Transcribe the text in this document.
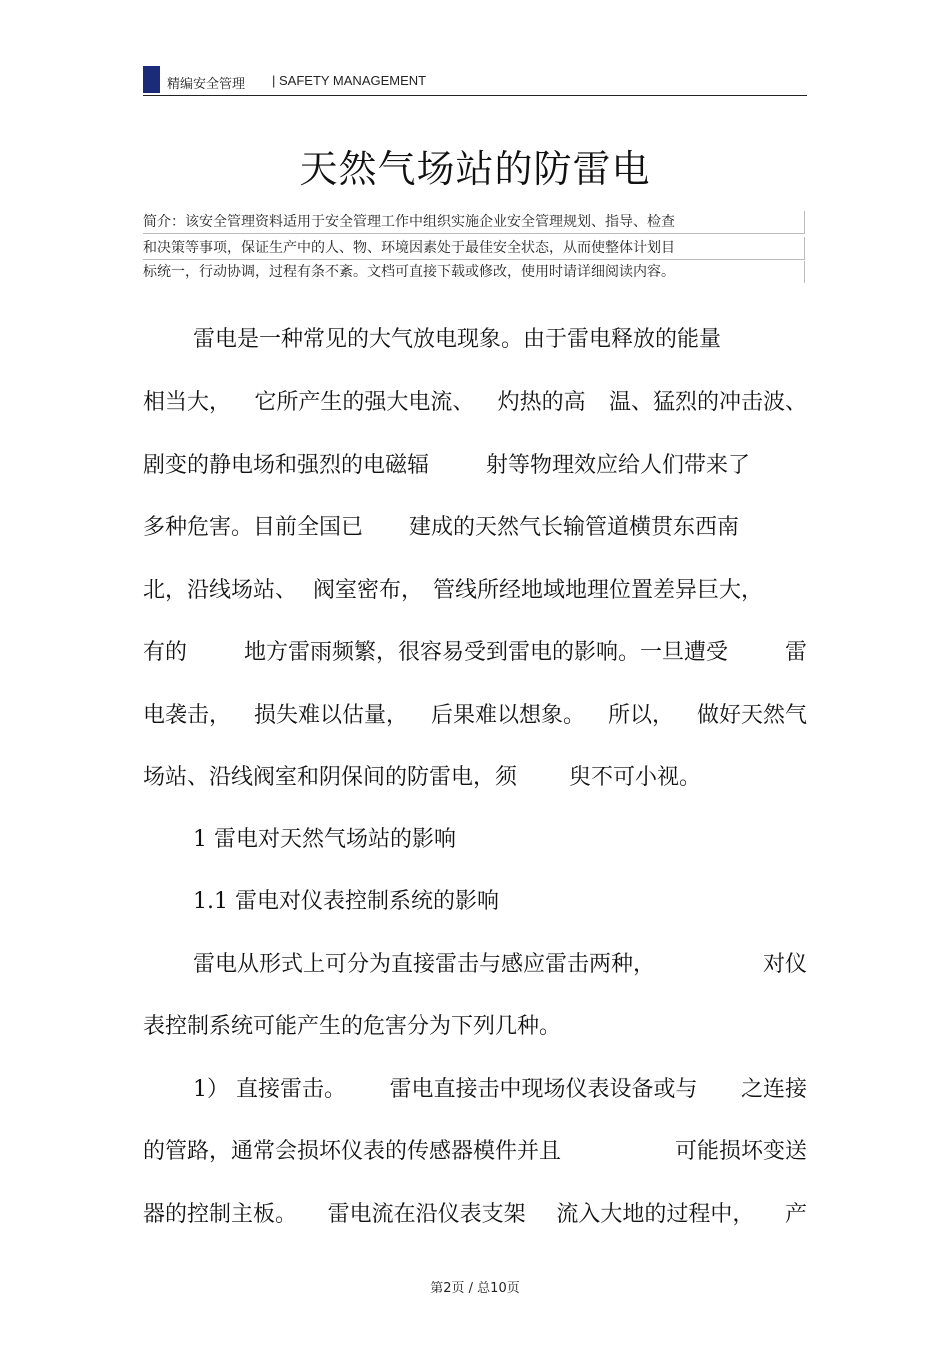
精编安全管理 | SAFETY MANAGEMENT
天然气场站的防雷电
简介：该安全管理资料适用于安全管理工作中组织实施企业安全管理规划、指导、检查
和决策等事项，保证生产中的人、物、环境因素处于最佳安全状态，从而使整体计划目
标统一，行动协调，过程有条不紊。文档可直接下载或修改，使用时请详细阅读内容。
雷电是一种常见的大气放电现象。由于雷电释放的能量
相当大， 它所产生的强大电流、 灼热的高 温、猛烈的冲击波、
剧变的静电场和强烈的电磁辐	射等物理效应给人们带来了
多种危害。目前全国已 建成的天然气长输管道横贯东西南
北，沿线场站、 阀室密布， 管线所经地域地理位置差异巨大，
有的	地方雷雨频繁，很容易受到雷电的影响。一旦遭受	雷
电袭击， 损失难以估量， 后果难以想象。 所以， 做好天然气
场站、沿线阀室和阴保间的防雷电，须 臾不可小视。
1 雷电对天然气场站的影响
1.1 雷电对仪表控制系统的影响
雷电从形式上可分为直接雷击与感应雷击两种，	对仪
表控制系统可能产生的危害分为下列几种。
1） 直接雷击。 雷电直接击中现场仪表设备或与 之连接
的管路，通常会损坏仪表的传感器模件并且	可能损坏变送
器的控制主板。 雷电流在沿仪表支架 流入大地的过程中， 产
第2页 / 总10页
